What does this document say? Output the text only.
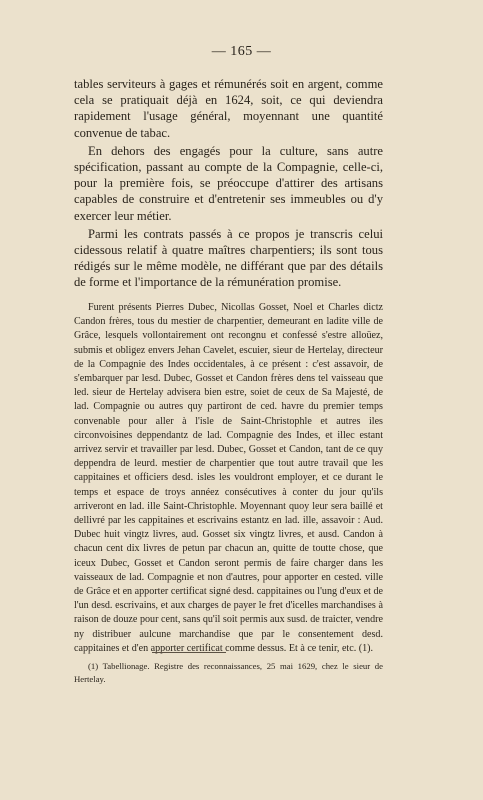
— 165 —

tables serviteurs à gages et rémunérés soit en argent, comme cela se pratiquait déjà en 1624, soit, ce qui deviendra rapidement l'usage général, moyennant une quantité convenue de tabac.

En dehors des engagés pour la culture, sans autre spécification, passant au compte de la Compagnie, celle-ci, pour la première fois, se préoccupe d'attirer des artisans capables de construire et d'entretenir ses immeubles ou d'y exercer leur métier.

Parmi les contrats passés à ce propos je transcris celui cidessous relatif à quatre maîtres charpentiers; ils sont tous rédigés sur le même modèle, ne différant que par des détails de forme et l'importance de la rémunération promise.

Furent présents Pierres Dubec, Nicollas Gosset, Noel et Charles dictz Candon frères, tous du mestier de charpentier, demeurant en ladite ville de Grâce, lesquels vollontairement ont recongnu et confessé s'estre alloüez, submis et obligez envers Jehan Cavelet, escuier, sieur de Hertelay, directeur de la Compagnie des Indes occidentales, à ce présent : c'est assavoir, de s'embarquer par lesd. Dubec, Gosset et Candon frères dens tel vaisseau que led. sieur de Hertelay advisera bien estre, soiet de ceux de Sa Majesté, de lad. Compagnie ou autres quy partiront de ced. havre du premier temps convenable pour aller à l'isle de Saint-Christophle et autres iles circonvoisines deppendantz de lad. Compagnie des Indes, et illec estant arrivez servir et travailler par lesd. Dubec, Gosset et Candon, tant de ce quy deppendra de leurd. mestier de charpentier que tout autre travail que les cappitaines et officiers desd. isles les vouldront employer, et ce durant le temps et espace de troys annéez consécutives à conter du jour qu'ils arriveront en lad. ille Saint-Christophle. Moyennant quoy leur sera baillé et dellivré par les cappitaines et escrivains estantz en lad. ille, assavoir : Aud. Dubec huit vingtz livres, aud. Gosset six vingtz livres, et ausd. Candon à chacun cent dix livres de petun par chacun an, quitte de toutte chose, que iceux Dubec, Gosset et Candon seront permis de faire charger dans les vaisseaux de lad. Compagnie et non d'autres, pour apporter en cested. ville de Grâce et en apporter certificat signé desd. cappitaines ou l'ung d'eux et de l'un desd. escrivains, et aux charges de payer le fret d'icelles marchandises à raison de douze pour cent, sans qu'il soit permis aux susd. de traicter, vendre ny distribuer aulcune marchandise que par le consentement desd. cappitaines et d'en apporter certificat comme dessus. Et à ce tenir, etc. (1).

(1) Tabellionage. Registre des reconnaissances, 25 mai 1629, chez le sieur de Hertelay.
